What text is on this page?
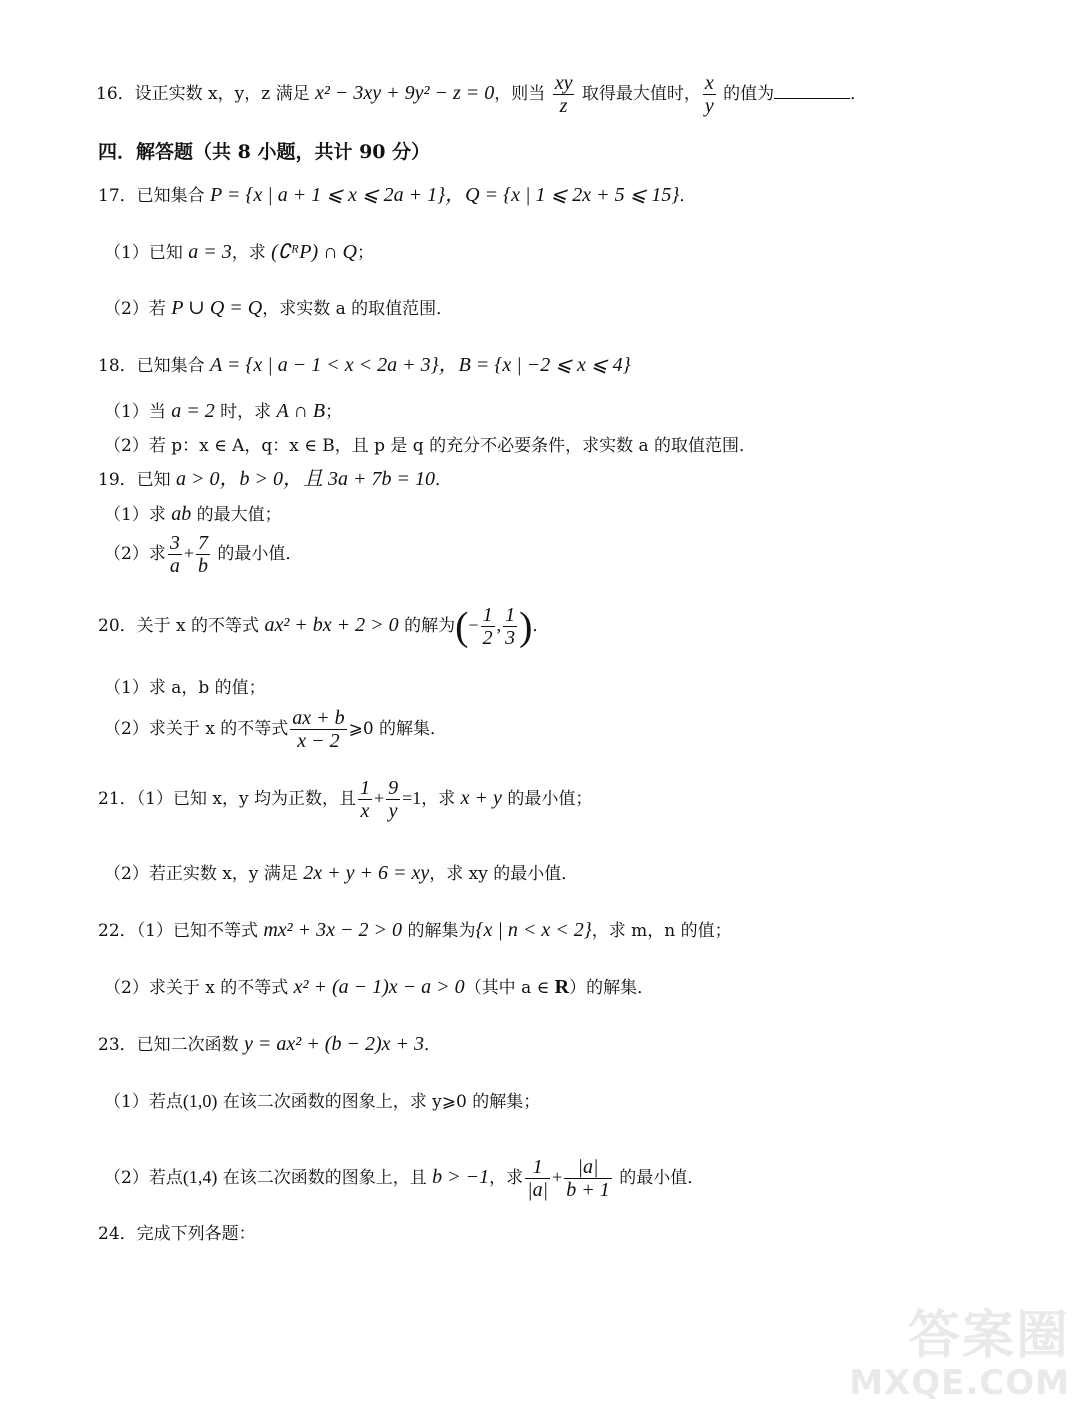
16．设正实数 x，y，z 满足 x² − 3xy + 9y² − z = 0，则当 $\frac{xy}{z}$ 取得最大值时， $\frac{x}{y}$ 的值为	．
四．解答题（共 8 小题，共计 90 分）
17．已知集合 P = {x | a + 1 ⩽ x ⩽ 2a + 1}，Q = {x | 1 ⩽ 2x + 5 ⩽ 15}．
（1）已知 a = 3，求 (∁ᴿP) ∩ Q；
（2）若 P ∪ Q = Q，求实数 a 的取值范围．
18．已知集合 A = {x | a − 1 < x < 2a + 3}，B = {x | −2 ⩽ x ⩽ 4}
（1）当 a = 2 时，求 A ∩ B；
（2）若 p：x ∈ A，q：x ∈ B，且 p 是 q 的充分不必要条件，求实数 a 的取值范围．
19．已知 a > 0，b > 0，且 3a + 7b = 10．
（1）求 ab 的最大值；
（2）求 $\frac{3}{a} + \frac{7}{b}$ 的最小值．
20．关于 x 的不等式 ax² + bx + 2 > 0 的解为(− $\frac{1}{2}$ , $\frac{1}{3}$ )．
（1）求 a，b 的值；
（2）求关于 x 的不等式 $\frac{ax + b}{x - 2}$ ⩾0 的解集．
21．（1）已知 x，y 均为正数，且 $\frac{1}{x} + \frac{9}{y} =1$，求 x + y 的最小值；
（2）若正实数 x，y 满足 2x + y + 6 = xy，求 xy 的最小值．
22．（1）已知不等式 mx² + 3x − 2 > 0 的解集为{x | n < x < 2}，求 m，n 的值；
（2）求关于 x 的不等式 x² + (a − 1)x − a > 0（其中 a ∈ R）的解集．
23．已知二次函数 y = ax² + (b − 2)x + 3．
（1）若点(1,0) 在该二次函数的图象上，求 y⩾0 的解集；
（2）若点(1,4) 在该二次函数的图象上，且 b > −1，求 $\frac{1}{|a|} + \frac{|a|}{b + 1}$ 的最小值．
24．完成下列各题：
答案圈
MXQE.COM
